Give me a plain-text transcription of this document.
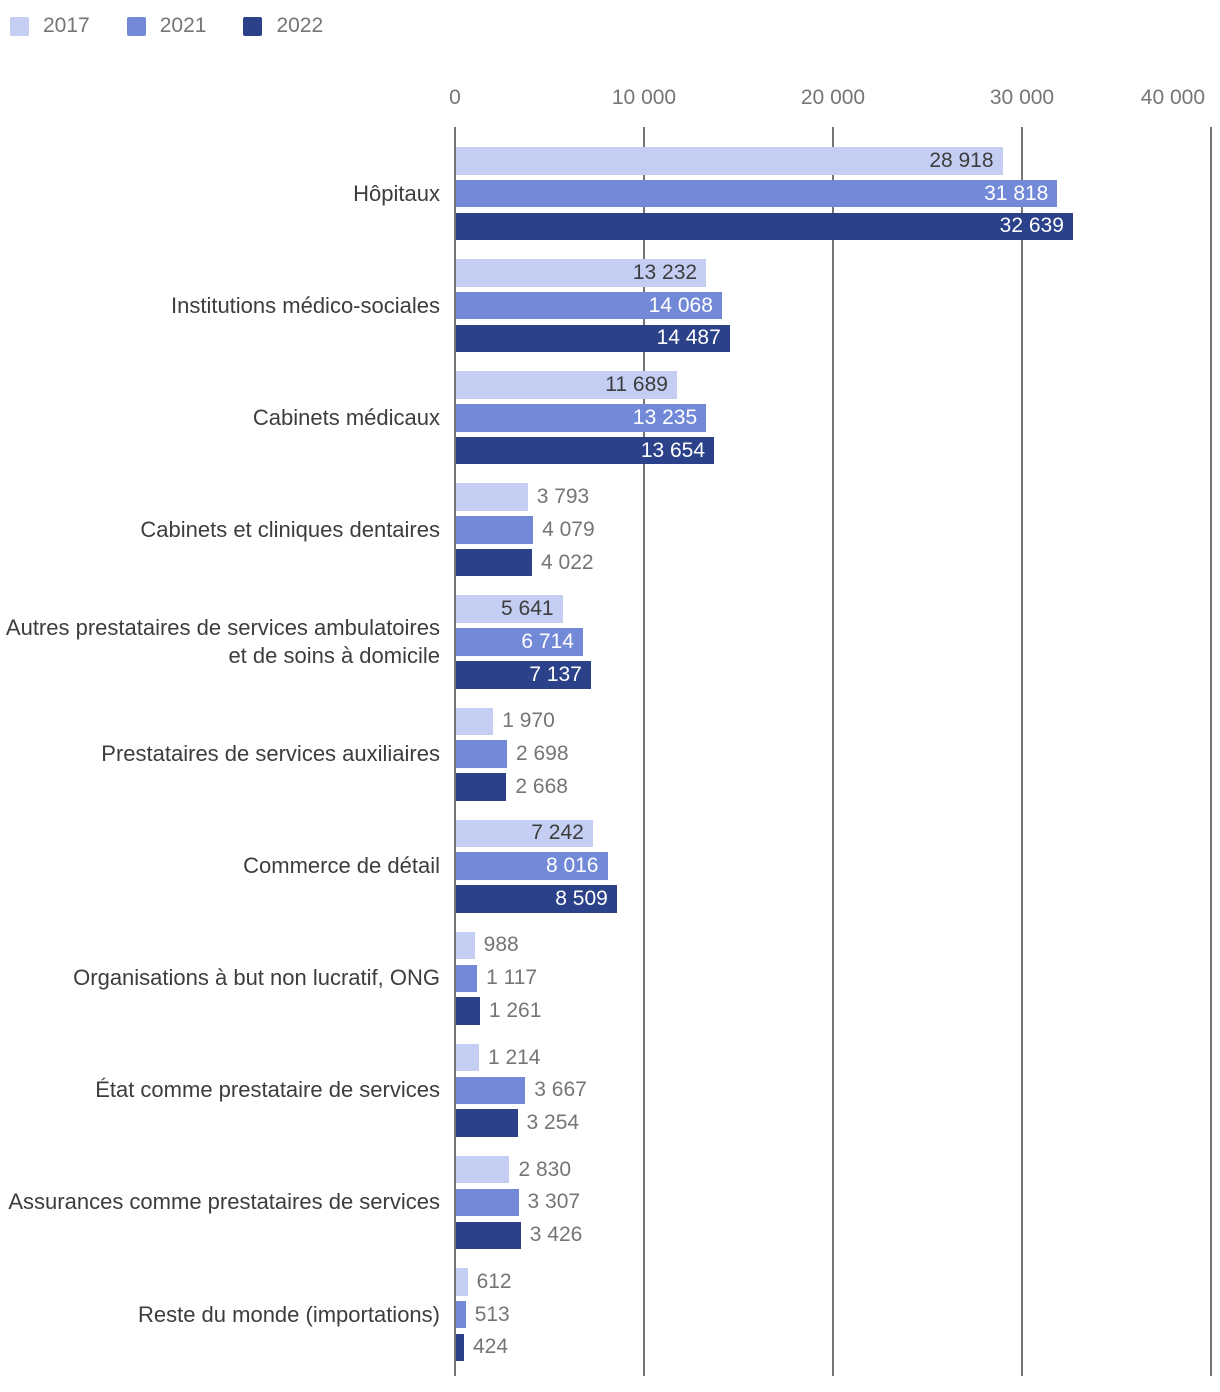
2017	2021	2022
0	10 000	20 000	30 000	40 000
Hôpitaux
28 918
31 818
32 639
Institutions médico-sociales
13 232
14 068
14 487
Cabinets médicaux
11 689
13 235
13 654
Cabinets et cliniques dentaires
3 793
4 079
4 022
Autres prestataires de services ambulatoires et de soins à domicile
5 641
6 714
7 137
Prestataires de services auxiliaires
1 970
2 698
2 668
Commerce de détail
7 242
8 016
8 509
Organisations à but non lucratif, ONG
988
1 117
1 261
État comme prestataire de services
1 214
3 667
3 254
Assurances comme prestataires de services
2 830
3 307
3 426
Reste du monde (importations)
612
513
424
